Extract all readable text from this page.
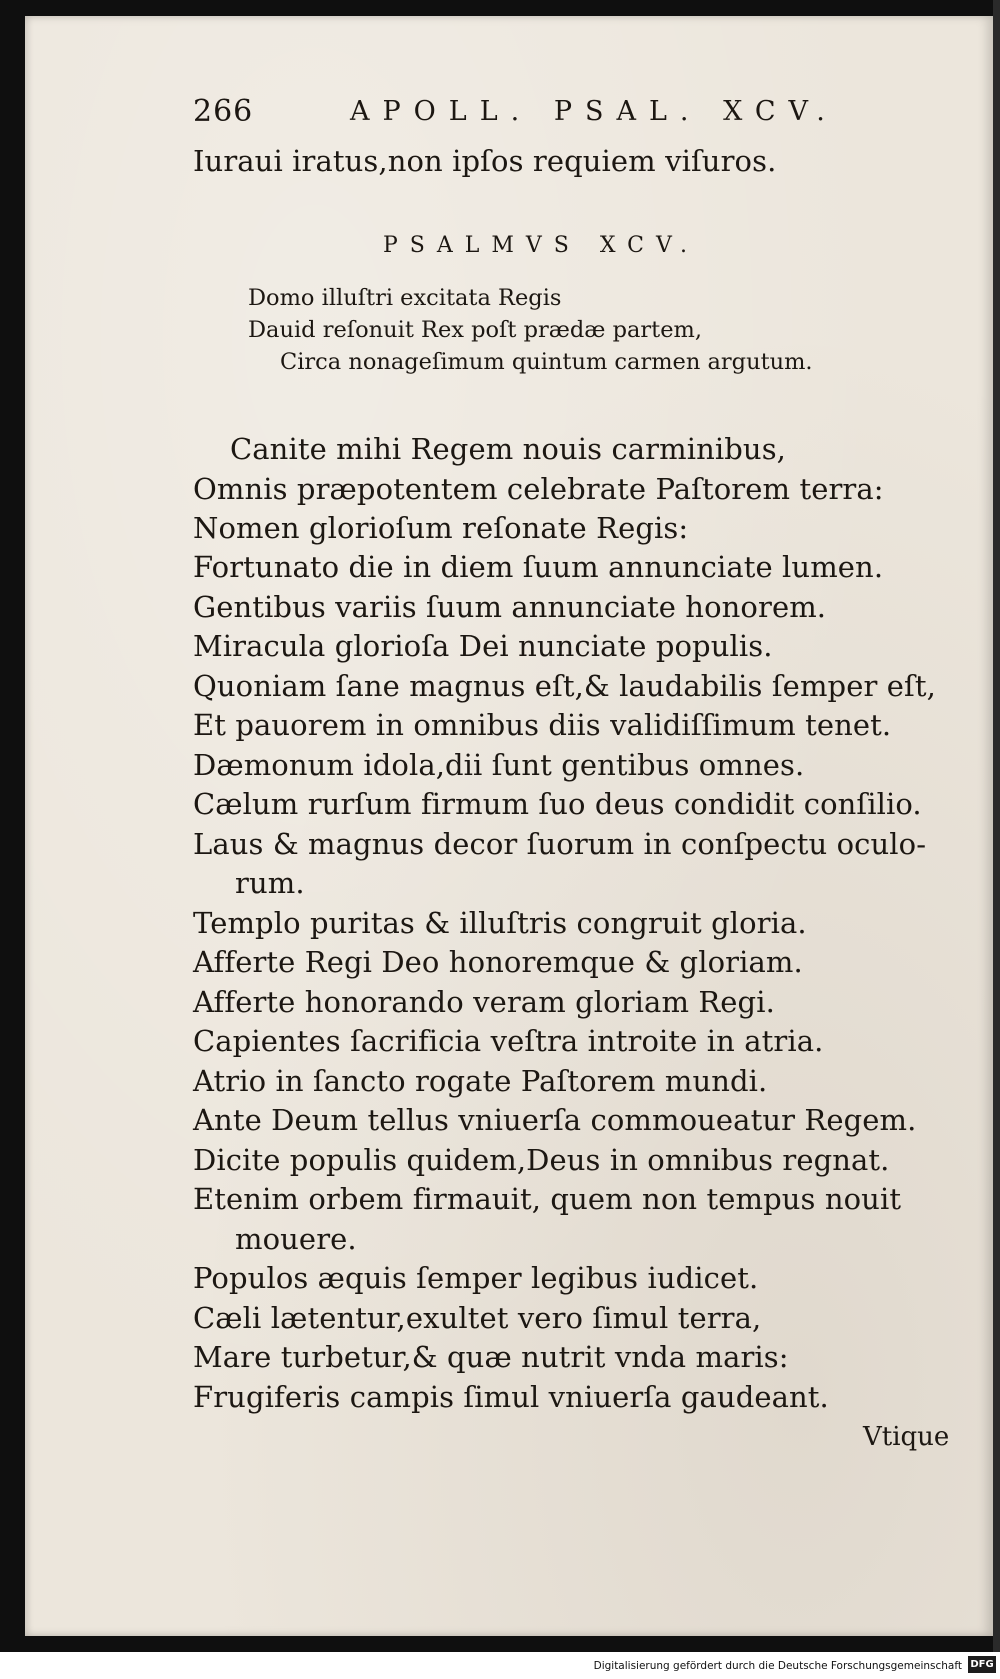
266	APOLL. PSAL. XCV.
Iuraui iratus,non ipſos requiem viſuros.
PSALMVS XCV.
Domo illuſtri excitata Regis
Dauid reſonuit Rex poſt prædæ partem,
Circa nonageſimum quintum carmen argutum.
Canite mihi Regem nouis carminibus,
Omnis præpotentem celebrate Paſtorem terra:
Nomen glorioſum reſonate Regis:
Fortunato die in diem ſuum annunciate lumen.
Gentibus variis ſuum annunciate honorem.
Miracula glorioſa Dei nunciate populis.
Quoniam ſane magnus eſt,& laudabilis ſemper eſt,
Et pauorem in omnibus diis validiſſimum tenet.
Dæmonum idola,dii ſunt gentibus omnes.
Cælum rurſum firmum ſuo deus condidit conſilio.
Laus & magnus decor ſuorum in conſpectu oculo-
rum.
Templo puritas & illuſtris congruit gloria.
Afferte Regi Deo honoremque & gloriam.
Afferte honorando veram gloriam Regi.
Capientes ſacrificia veſtra introite in atria.
Atrio in ſancto rogate Paſtorem mundi.
Ante Deum tellus vniuerſa commoueatur Regem.
Dicite populis quidem,Deus in omnibus regnat.
Etenim orbem firmauit, quem non tempus nouit
mouere.
Populos æquis ſemper legibus iudicet.
Cæli lætentur,exultet vero ſimul terra,
Mare turbetur,& quæ nutrit vnda maris:
Frugiferis campis ſimul vniuerſa gaudeant.
Vtique
Digitalisierung gefördert durch die Deutsche Forschungsgemeinschaft DFG
